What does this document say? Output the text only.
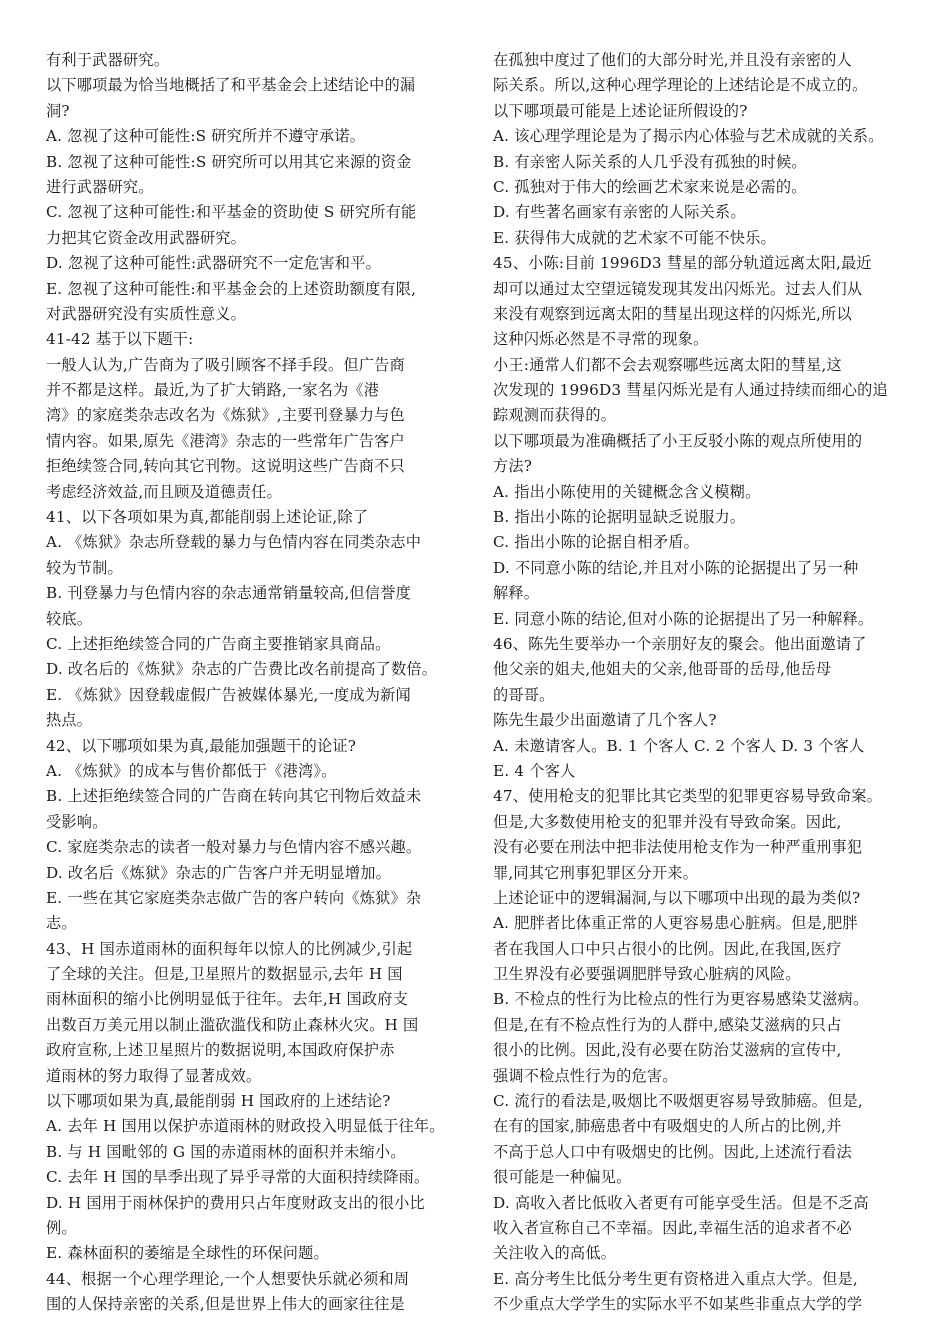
有利于武器研究。
以下哪项最为恰当地概括了和平基金会上述结论中的漏
洞?
A. 忽视了这种可能性:S 研究所并不遵守承诺。
B. 忽视了这种可能性:S 研究所可以用其它来源的资金
进行武器研究。
C. 忽视了这种可能性:和平基金的资助使 S 研究所有能
力把其它资金改用武器研究。
D. 忽视了这种可能性:武器研究不一定危害和平。
E. 忽视了这种可能性:和平基金会的上述资助额度有限,
对武器研究没有实质性意义。
41-42 基于以下题干:
一般人认为,广告商为了吸引顾客不择手段。但广告商
并不都是这样。最近,为了扩大销路,一家名为《港
湾》的家庭类杂志改名为《炼狱》,主要刊登暴力与色
情内容。如果,原先《港湾》杂志的一些常年广告客户
拒绝续签合同,转向其它刊物。这说明这些广告商不只
考虑经济效益,而且顾及道德责任。
41、以下各项如果为真,都能削弱上述论证,除了
A. 《炼狱》杂志所登载的暴力与色情内容在同类杂志中
较为节制。
B. 刊登暴力与色情内容的杂志通常销量较高,但信誉度
较底。
C. 上述拒绝续签合同的广告商主要推销家具商品。
D. 改名后的《炼狱》杂志的广告费比改名前提高了数倍。
E. 《炼狱》因登载虚假广告被媒体暴光,一度成为新闻
热点。
42、以下哪项如果为真,最能加强题干的论证?
A. 《炼狱》的成本与售价都低于《港湾》。
B. 上述拒绝续签合同的广告商在转向其它刊物后效益未
受影响。
C. 家庭类杂志的读者一般对暴力与色情内容不感兴趣。
D. 改名后《炼狱》杂志的广告客户并无明显增加。
E. 一些在其它家庭类杂志做广告的客户转向《炼狱》杂
志。
43、H 国赤道雨林的面积每年以惊人的比例减少,引起
了全球的关注。但是,卫星照片的数据显示,去年 H 国
雨林面积的缩小比例明显低于往年。去年,H 国政府支
出数百万美元用以制止滥砍滥伐和防止森林火灾。H 国
政府宣称,上述卫星照片的数据说明,本国政府保护赤
道雨林的努力取得了显著成效。
以下哪项如果为真,最能削弱 H 国政府的上述结论?
A. 去年 H 国用以保护赤道雨林的财政投入明显低于往年。
B. 与 H 国毗邻的 G 国的赤道雨林的面积并未缩小。
C. 去年 H 国的旱季出现了异乎寻常的大面积持续降雨。
D. H 国用于雨林保护的费用只占年度财政支出的很小比
例。
E. 森林面积的萎缩是全球性的环保问题。
44、根据一个心理学理论,一个人想要快乐就必须和周
围的人保持亲密的关系,但是世界上伟大的画家往往是
在孤独中度过了他们的大部分时光,并且没有亲密的人
际关系。所以,这种心理学理论的上述结论是不成立的。
以下哪项最可能是上述论证所假设的?
A. 该心理学理论是为了揭示内心体验与艺术成就的关系。
B. 有亲密人际关系的人几乎没有孤独的时候。
C. 孤独对于伟大的绘画艺术家来说是必需的。
D. 有些著名画家有亲密的人际关系。
E. 获得伟大成就的艺术家不可能不快乐。
45、小陈:目前 1996D3 彗星的部分轨道远离太阳,最近
却可以通过太空望远镜发现其发出闪烁光。过去人们从
来没有观察到远离太阳的彗星出现这样的闪烁光,所以
这种闪烁必然是不寻常的现象。
小王:通常人们都不会去观察哪些远离太阳的彗星,这
次发现的 1996D3 彗星闪烁光是有人通过持续而细心的追
踪观测而获得的。
以下哪项最为准确概括了小王反驳小陈的观点所使用的
方法?
A. 指出小陈使用的关键概念含义模糊。
B. 指出小陈的论据明显缺乏说服力。
C. 指出小陈的论据自相矛盾。
D. 不同意小陈的结论,并且对小陈的论据提出了另一种
解释。
E. 同意小陈的结论,但对小陈的论据提出了另一种解释。
46、陈先生要举办一个亲朋好友的聚会。他出面邀请了
他父亲的姐夫,他姐夫的父亲,他哥哥的岳母,他岳母
的哥哥。
陈先生最少出面邀请了几个客人?
A. 未邀请客人。B. 1 个客人 C. 2 个客人 D. 3 个客人
E. 4 个客人
47、使用枪支的犯罪比其它类型的犯罪更容易导致命案。
但是,大多数使用枪支的犯罪并没有导致命案。因此,
没有必要在刑法中把非法使用枪支作为一种严重刑事犯
罪,同其它刑事犯罪区分开来。
上述论证中的逻辑漏洞,与以下哪项中出现的最为类似?
A. 肥胖者比体重正常的人更容易患心脏病。但是,肥胖
者在我国人口中只占很小的比例。因此,在我国,医疗
卫生界没有必要强调肥胖导致心脏病的风险。
B. 不检点的性行为比检点的性行为更容易感染艾滋病。
但是,在有不检点性行为的人群中,感染艾滋病的只占
很小的比例。因此,没有必要在防治艾滋病的宣传中,
强调不检点性行为的危害。
C. 流行的看法是,吸烟比不吸烟更容易导致肺癌。但是,
在有的国家,肺癌患者中有吸烟史的人所占的比例,并
不高于总人口中有吸烟史的比例。因此,上述流行看法
很可能是一种偏见。
D. 高收入者比低收入者更有可能享受生活。但是不乏高
收入者宣称自己不幸福。因此,幸福生活的追求者不必
关注收入的高低。
E. 高分考生比低分考生更有资格进入重点大学。但是,
不少重点大学学生的实际水平不如某些非重点大学的学
